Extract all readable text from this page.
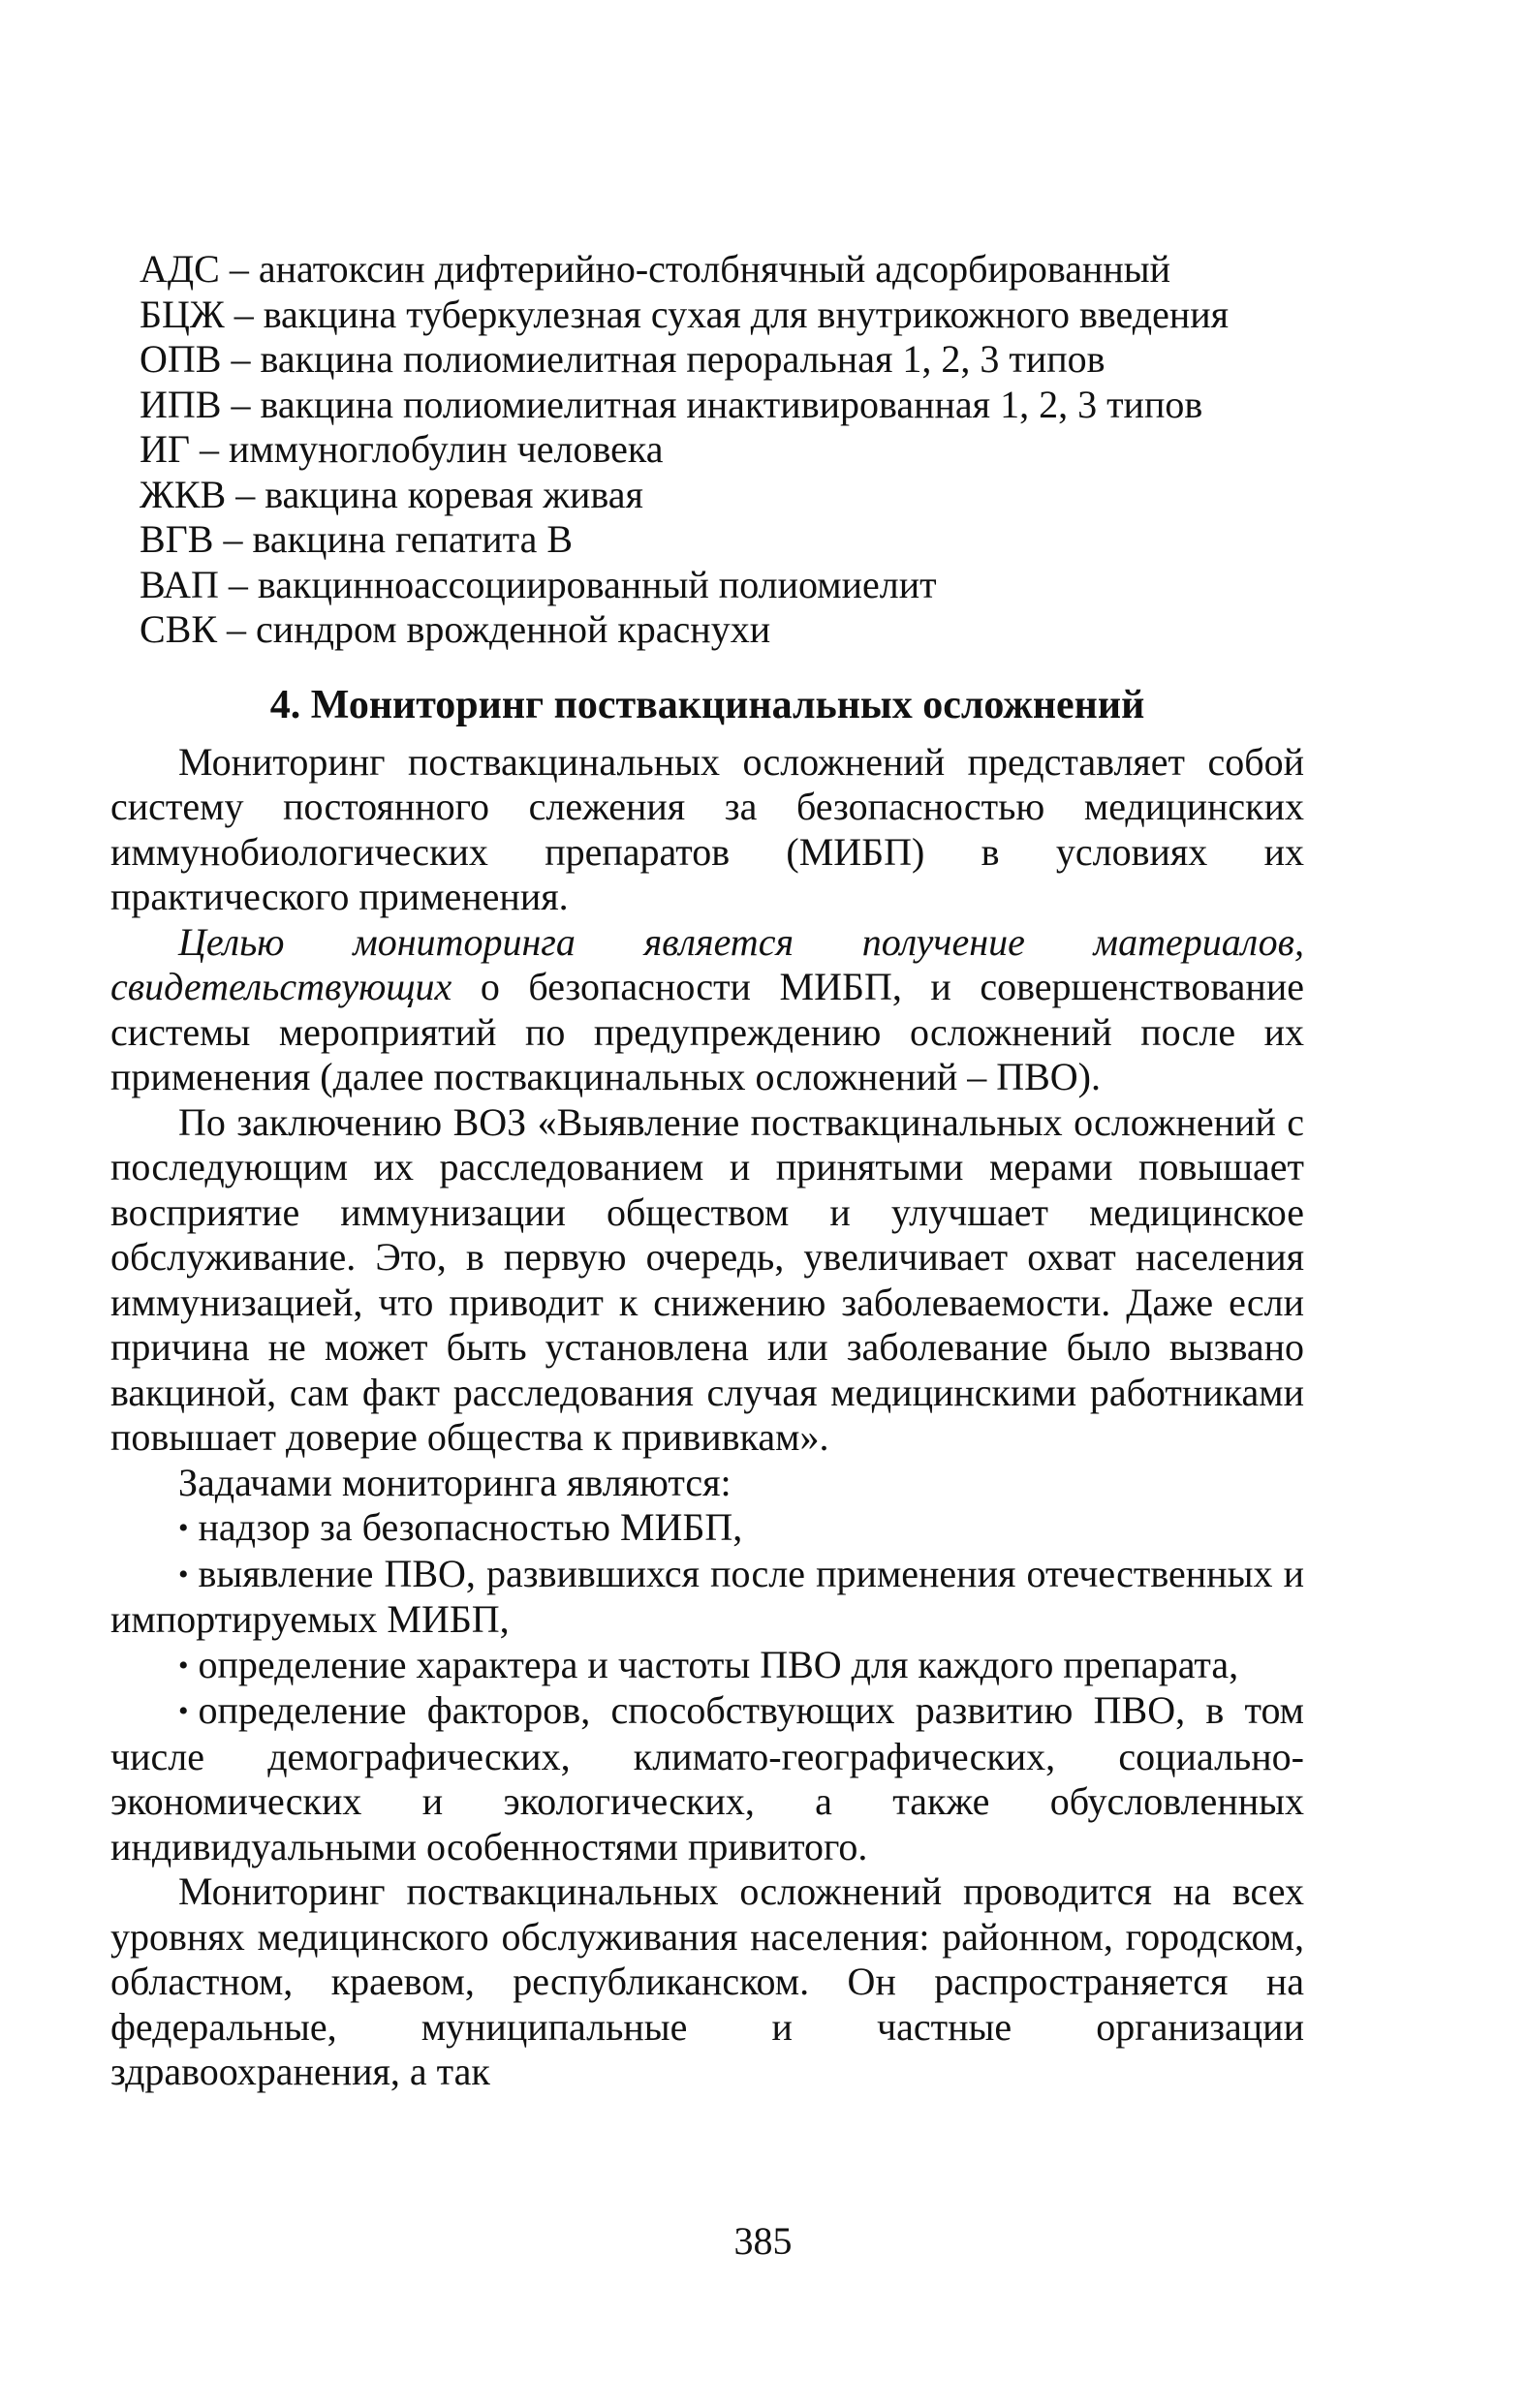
АДС – анатоксин дифтерийно-столбнячный адсорбированный
БЦЖ – вакцина туберкулезная сухая для внутрикожного введения
ОПВ – вакцина полиомиелитная пероральная 1, 2, 3 типов
ИПВ – вакцина полиомиелитная инактивированная 1, 2, 3 типов
ИГ – иммуноглобулин человека
ЖКВ – вакцина коревая живая
ВГВ – вакцина гепатита В
ВАП – вакцинноассоциированный полиомиелит
СВК – синдром врожденной краснухи
4. Мониторинг поствакцинальных осложнений

Мониторинг поствакцинальных осложнений представляет собой систему постоянного слежения за безопасностью медицинских иммунобиологических препаратов (МИБП) в условиях их практического применения.

Целью мониторинга является получение материалов, свидетельствующих о безопасности МИБП, и совершенствование системы мероприятий по предупреждению осложнений после их применения (далее поствакцинальных осложнений – ПВО).

По заключению ВОЗ «Выявление поствакцинальных осложнений с последующим их расследованием и принятыми мерами повышает восприятие иммунизации обществом и улучшает медицинское обслуживание. Это, в первую очередь, увеличивает охват населения иммунизацией, что приводит к снижению заболеваемости. Даже если причина не может быть установлена или заболевание было вызвано вакциной, сам факт расследования случая медицинскими работниками повышает доверие общества к прививкам».

Задачами мониторинга являются:

• надзор за безопасностью МИБП,
• выявление ПВО, развившихся после применения отечественных и импортируемых МИБП,
• определение характера и частоты ПВО для каждого препарата,
• определение факторов, способствующих развитию ПВО, в том числе демографических, климато-географических, социально-экономических и экологических, а также обусловленных индивидуальными особенностями привитого.

Мониторинг поствакцинальных осложнений проводится на всех уровнях медицинского обслуживания населения: районном, городском, областном, краевом, республиканском. Он распространяется на федеральные, муниципальные и частные организации здравоохранения, а так

385
